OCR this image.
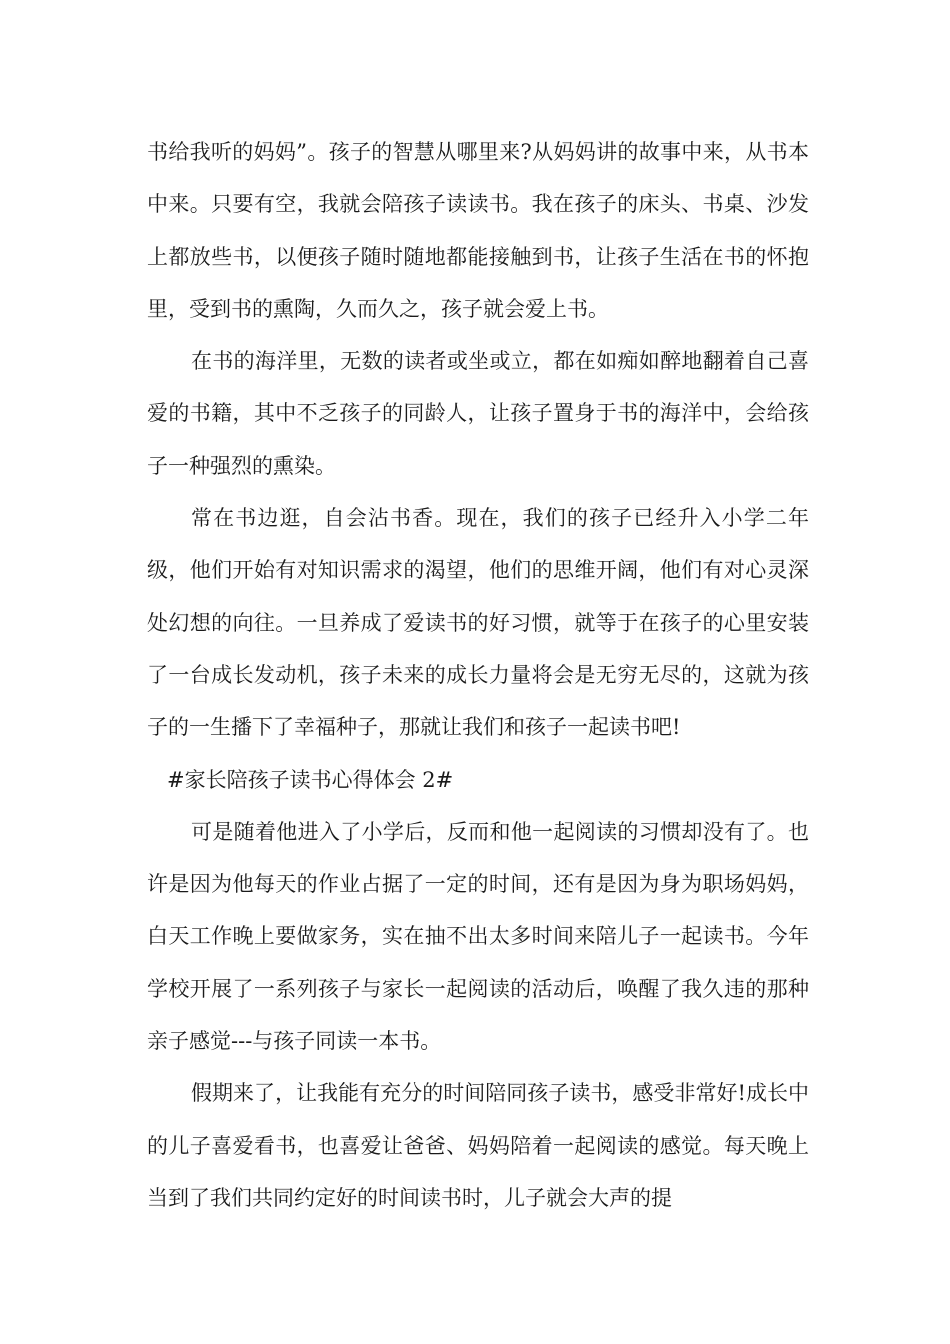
书给我听的妈妈”。孩子的智慧从哪里来?从妈妈讲的故事中来，从书本中来。只要有空，我就会陪孩子读读书。我在孩子的床头、书桌、沙发上都放些书，以便孩子随时随地都能接触到书，让孩子生活在书的怀抱里，受到书的熏陶，久而久之，孩子就会爱上书。

在书的海洋里，无数的读者或坐或立，都在如痴如醉地翻着自己喜爱的书籍，其中不乏孩子的同龄人，让孩子置身于书的海洋中，会给孩子一种强烈的熏染。

常在书边逛，自会沾书香。现在，我们的孩子已经升入小学二年级，他们开始有对知识需求的渴望，他们的思维开阔，他们有对心灵深处幻想的向往。一旦养成了爱读书的好习惯，就等于在孩子的心里安装了一台成长发动机，孩子未来的成长力量将会是无穷无尽的，这就为孩子的一生播下了幸福种子，那就让我们和孩子一起读书吧!

#家长陪孩子读书心得体会 2#

可是随着他进入了小学后，反而和他一起阅读的习惯却没有了。也许是因为他每天的作业占据了一定的时间，还有是因为身为职场妈妈，白天工作晚上要做家务，实在抽不出太多时间来陪儿子一起读书。今年学校开展了一系列孩子与家长一起阅读的活动后，唤醒了我久违的那种亲子感觉---与孩子同读一本书。

假期来了，让我能有充分的时间陪同孩子读书，感受非常好!成长中的儿子喜爱看书，也喜爱让爸爸、妈妈陪着一起阅读的感觉。每天晚上当到了我们共同约定好的时间读书时，儿子就会大声的提
